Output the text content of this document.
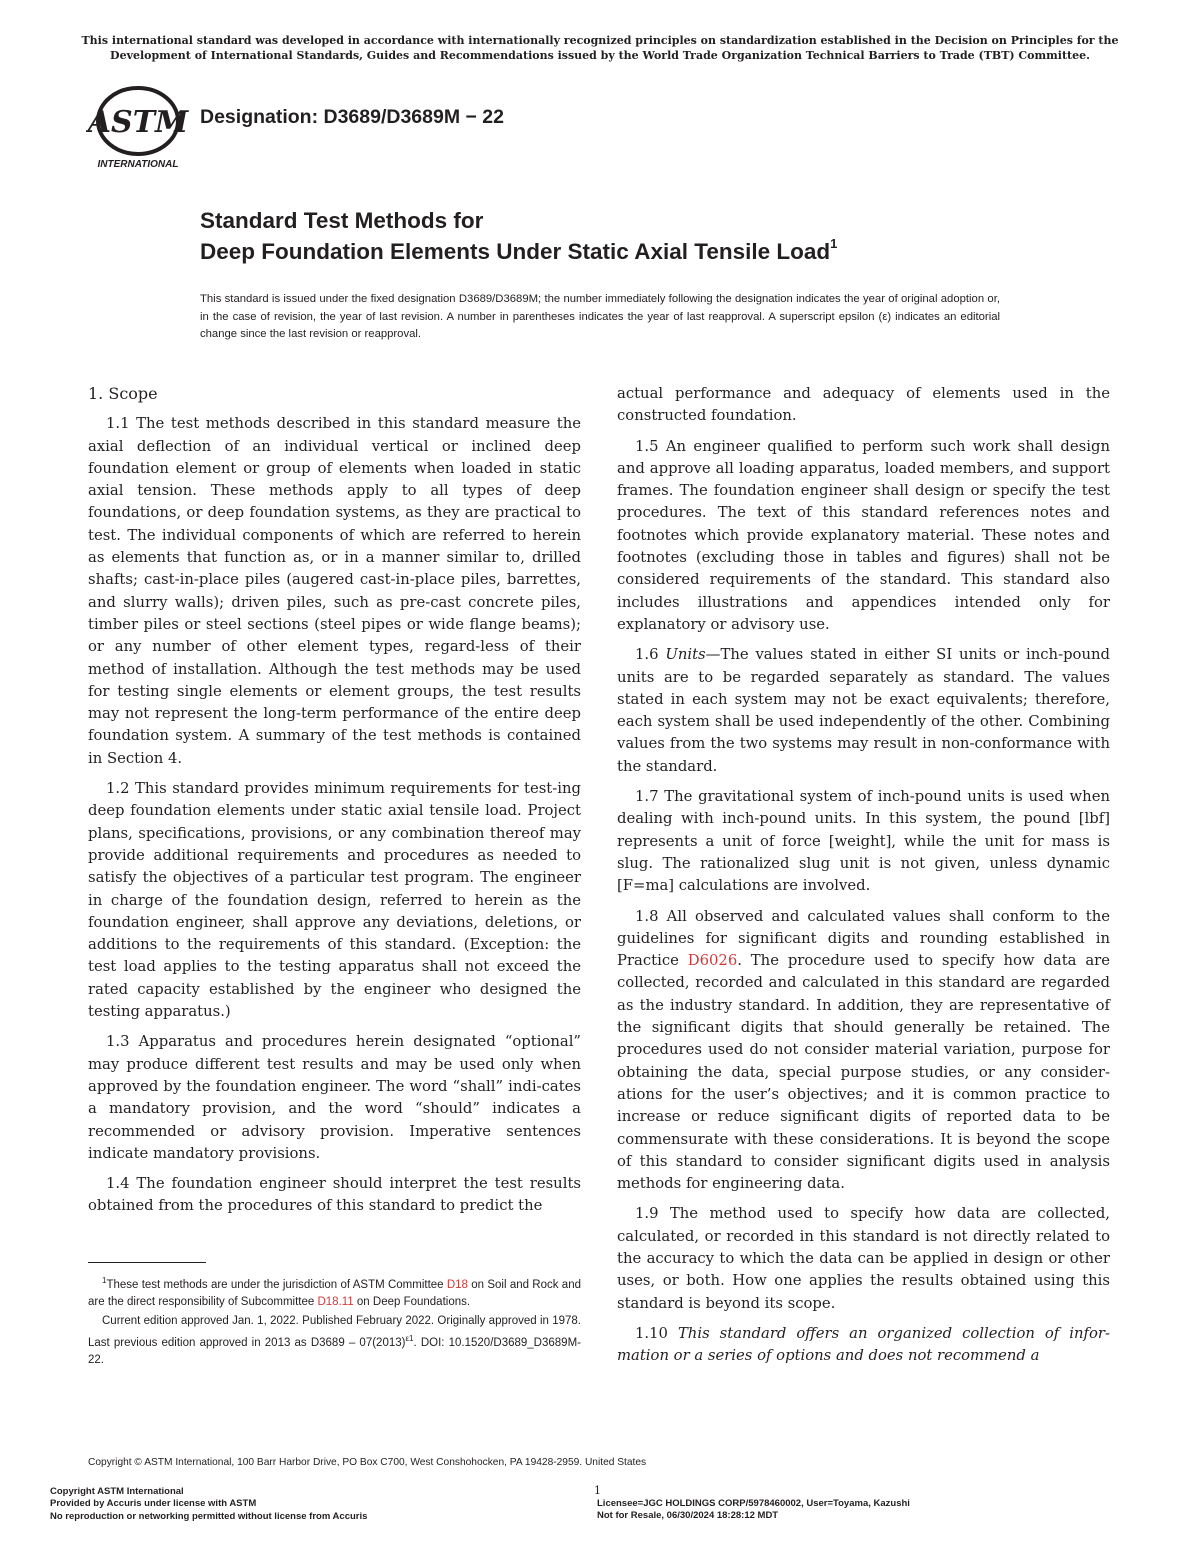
This international standard was developed in accordance with internationally recognized principles on standardization established in the Decision on Principles for the
Development of International Standards, Guides and Recommendations issued by the World Trade Organization Technical Barriers to Trade (TBT) Committee.
ASTM
INTERNATIONAL
Designation: D3689/D3689M − 22
Standard Test Methods for
Deep Foundation Elements Under Static Axial Tensile Load$^1$
This standard is issued under the fixed designation D3689/D3689M; the number immediately following the designation indicates the year of original adoption or, in the case of revision, the year of last revision. A number in parentheses indicates the year of last reapproval. A superscript epsilon (ε) indicates an editorial change since the last revision or reapproval.
1. Scope

1.1 The test methods described in this standard measure the axial deflection of an individual vertical or inclined deep foundation element or group of elements when loaded in static axial tension. These methods apply to all types of deep foundations, or deep foundation systems, as they are practical to test. The individual components of which are referred to herein as elements that function as, or in a manner similar to, drilled shafts; cast-in-place piles (augered cast-in-place piles, barrettes, and slurry walls); driven piles, such as pre-cast concrete piles, timber piles or steel sections (steel pipes or wide flange beams); or any number of other element types, regard-less of their method of installation. Although the test methods may be used for testing single elements or element groups, the test results may not represent the long-term performance of the entire deep foundation system. A summary of the test methods is contained in Section 4.

1.2 This standard provides minimum requirements for test-ing deep foundation elements under static axial tensile load. Project plans, specifications, provisions, or any combination thereof may provide additional requirements and procedures as needed to satisfy the objectives of a particular test program. The engineer in charge of the foundation design, referred to herein as the foundation engineer, shall approve any deviations, deletions, or additions to the requirements of this standard. (Exception: the test load applies to the testing apparatus shall not exceed the rated capacity established by the engineer who designed the testing apparatus.)

1.3 Apparatus and procedures herein designated “optional” may produce different test results and may be used only when approved by the foundation engineer. The word “shall” indi-cates a mandatory provision, and the word “should” indicates a recommended or advisory provision. Imperative sentences indicate mandatory provisions.

1.4 The foundation engineer should interpret the test results obtained from the procedures of this standard to predict the

$^1$These test methods are under the jurisdiction of ASTM Committee D18 on Soil and Rock and are the direct responsibility of Subcommittee D18.11 on Deep Foundations.

Current edition approved Jan. 1, 2022. Published February 2022. Originally approved in 1978. Last previous edition approved in 2013 as $D3689 - 07(2013)^{\varepsilon 1}$. DOI: 10.1520/D3689_D3689M-22.

actual performance and adequacy of elements used in the constructed foundation.

1.5 An engineer qualified to perform such work shall design and approve all loading apparatus, loaded members, and support frames. The foundation engineer shall design or specify the test procedures. The text of this standard references notes and footnotes which provide explanatory material. These notes and footnotes (excluding those in tables and figures) shall not be considered requirements of the standard. This standard also includes illustrations and appendices intended only for explanatory or advisory use.

1.6 Units—The values stated in either SI units or inch-pound units are to be regarded separately as standard. The values stated in each system may not be exact equivalents; therefore, each system shall be used independently of the other. Combining values from the two systems may result in non-conformance with the standard.

1.7 The gravitational system of inch-pound units is used when dealing with inch-pound units. In this system, the pound [lbf] represents a unit of force [weight], while the unit for mass is slug. The rationalized slug unit is not given, unless dynamic [F=ma] calculations are involved.

1.8 All observed and calculated values shall conform to the guidelines for significant digits and rounding established in Practice D6026. The procedure used to specify how data are collected, recorded and calculated in this standard are regarded as the industry standard. In addition, they are representative of the significant digits that should generally be retained. The procedures used do not consider material variation, purpose for obtaining the data, special purpose studies, or any consider-ations for the user’s objectives; and it is common practice to increase or reduce significant digits of reported data to be commensurate with these considerations. It is beyond the scope of this standard to consider significant digits used in analysis methods for engineering data.

1.9 The method used to specify how data are collected, calculated, or recorded in this standard is not directly related to the accuracy to which the data can be applied in design or other uses, or both. How one applies the results obtained using this standard is beyond its scope.

1.10 This standard offers an organized collection of infor-mation or a series of options and does not recommend a

Copyright © ASTM International, 100 Barr Harbor Drive, PO Box C700, West Conshohocken, PA 19428-2959. United States
1
Copyright ASTM International
Provided by Accuris under license with ASTM
No reproduction or networking permitted without license from Accuris
Licensee=JGC HOLDINGS CORP/5978460002, User=Toyama, Kazushi
Not for Resale, 06/30/2024 18:28:12 MDT
